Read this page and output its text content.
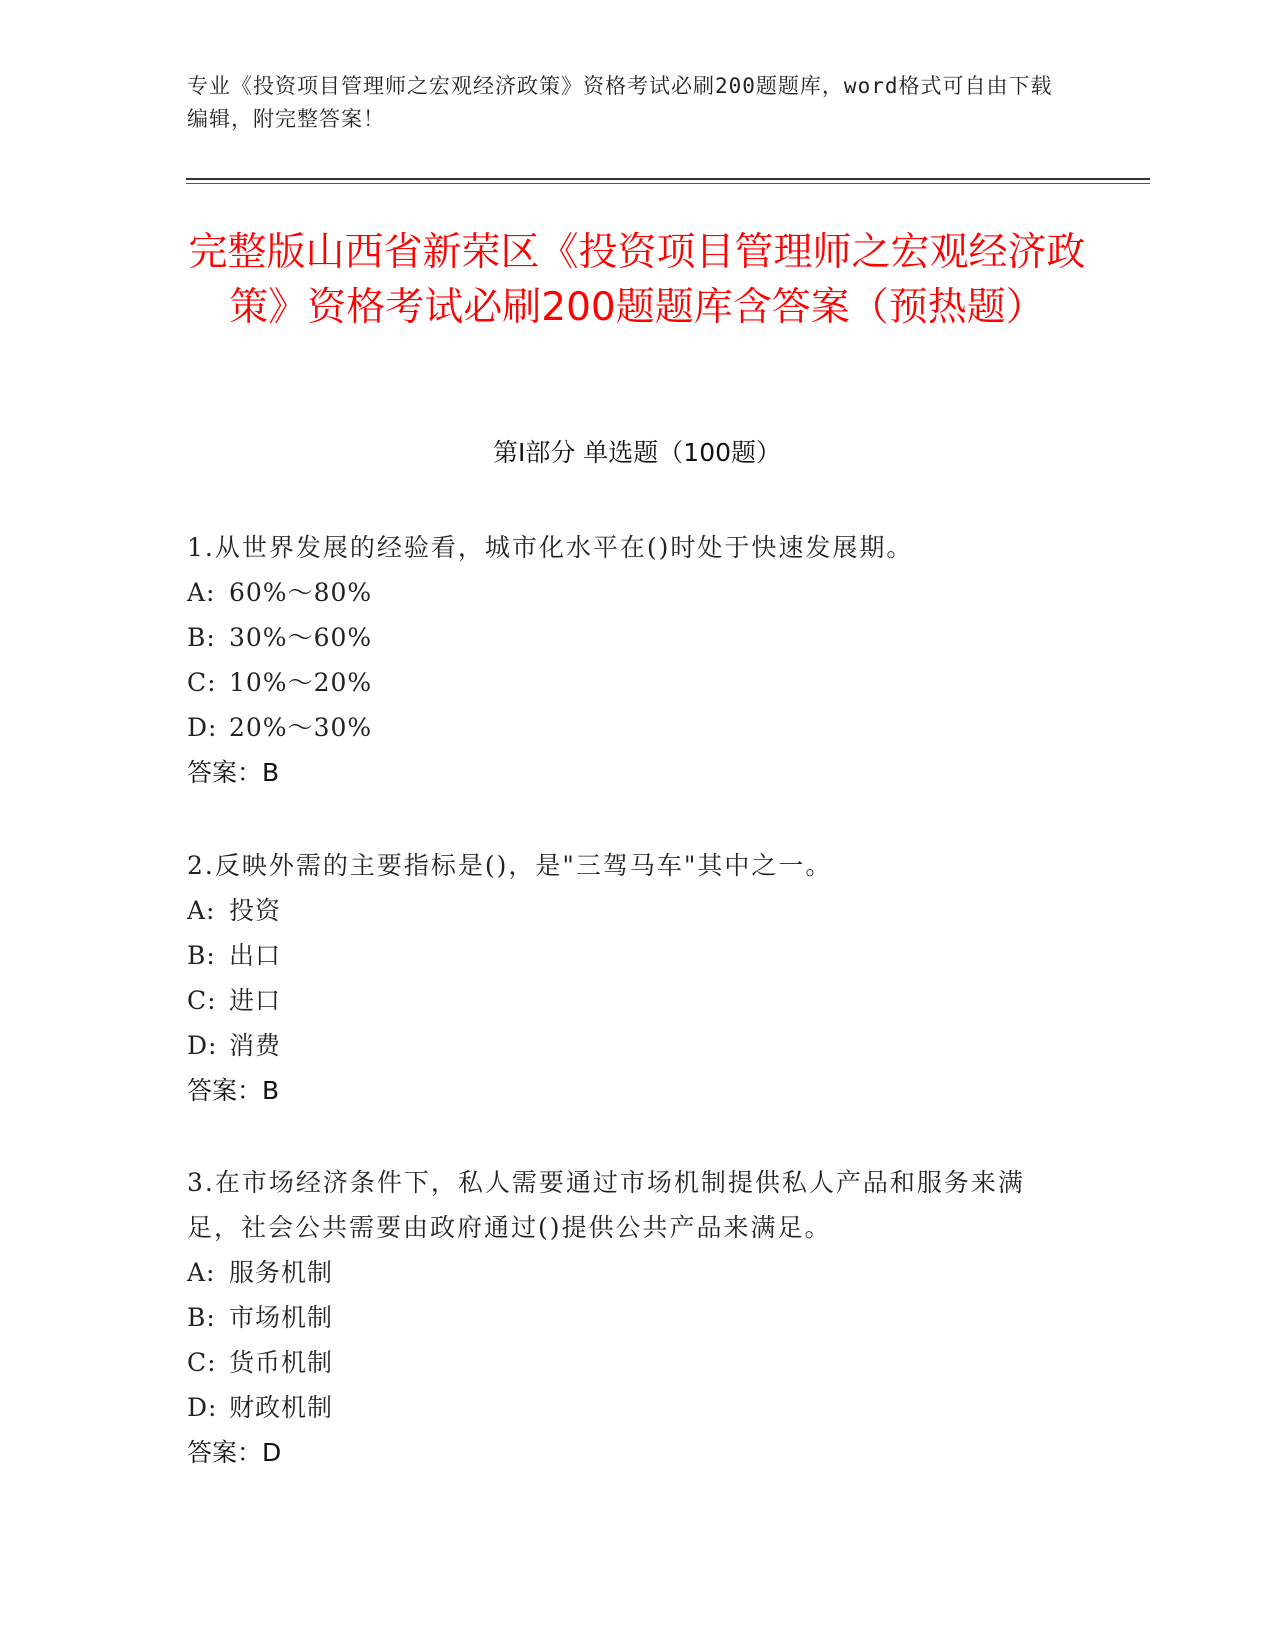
专业《投资项目管理师之宏观经济政策》资格考试必刷200题题库，word格式可自由下载编辑，附完整答案！
完整版山西省新荣区《投资项目管理师之宏观经济政策》资格考试必刷200题题库含答案（预热题）
第Ⅰ部分 单选题（100题）
1.从世界发展的经验看，城市化水平在()时处于快速发展期。
A: 60%～80%
B: 30%～60%
C: 10%～20%
D: 20%～30%
答案：B
2.反映外需的主要指标是()，是"三驾马车"其中之一。
A: 投资
B: 出口
C: 进口
D: 消费
答案：B
3.在市场经济条件下，私人需要通过市场机制提供私人产品和服务来满足，社会公共需要由政府通过()提供公共产品来满足。
A: 服务机制
B: 市场机制
C: 货币机制
D: 财政机制
答案：D
